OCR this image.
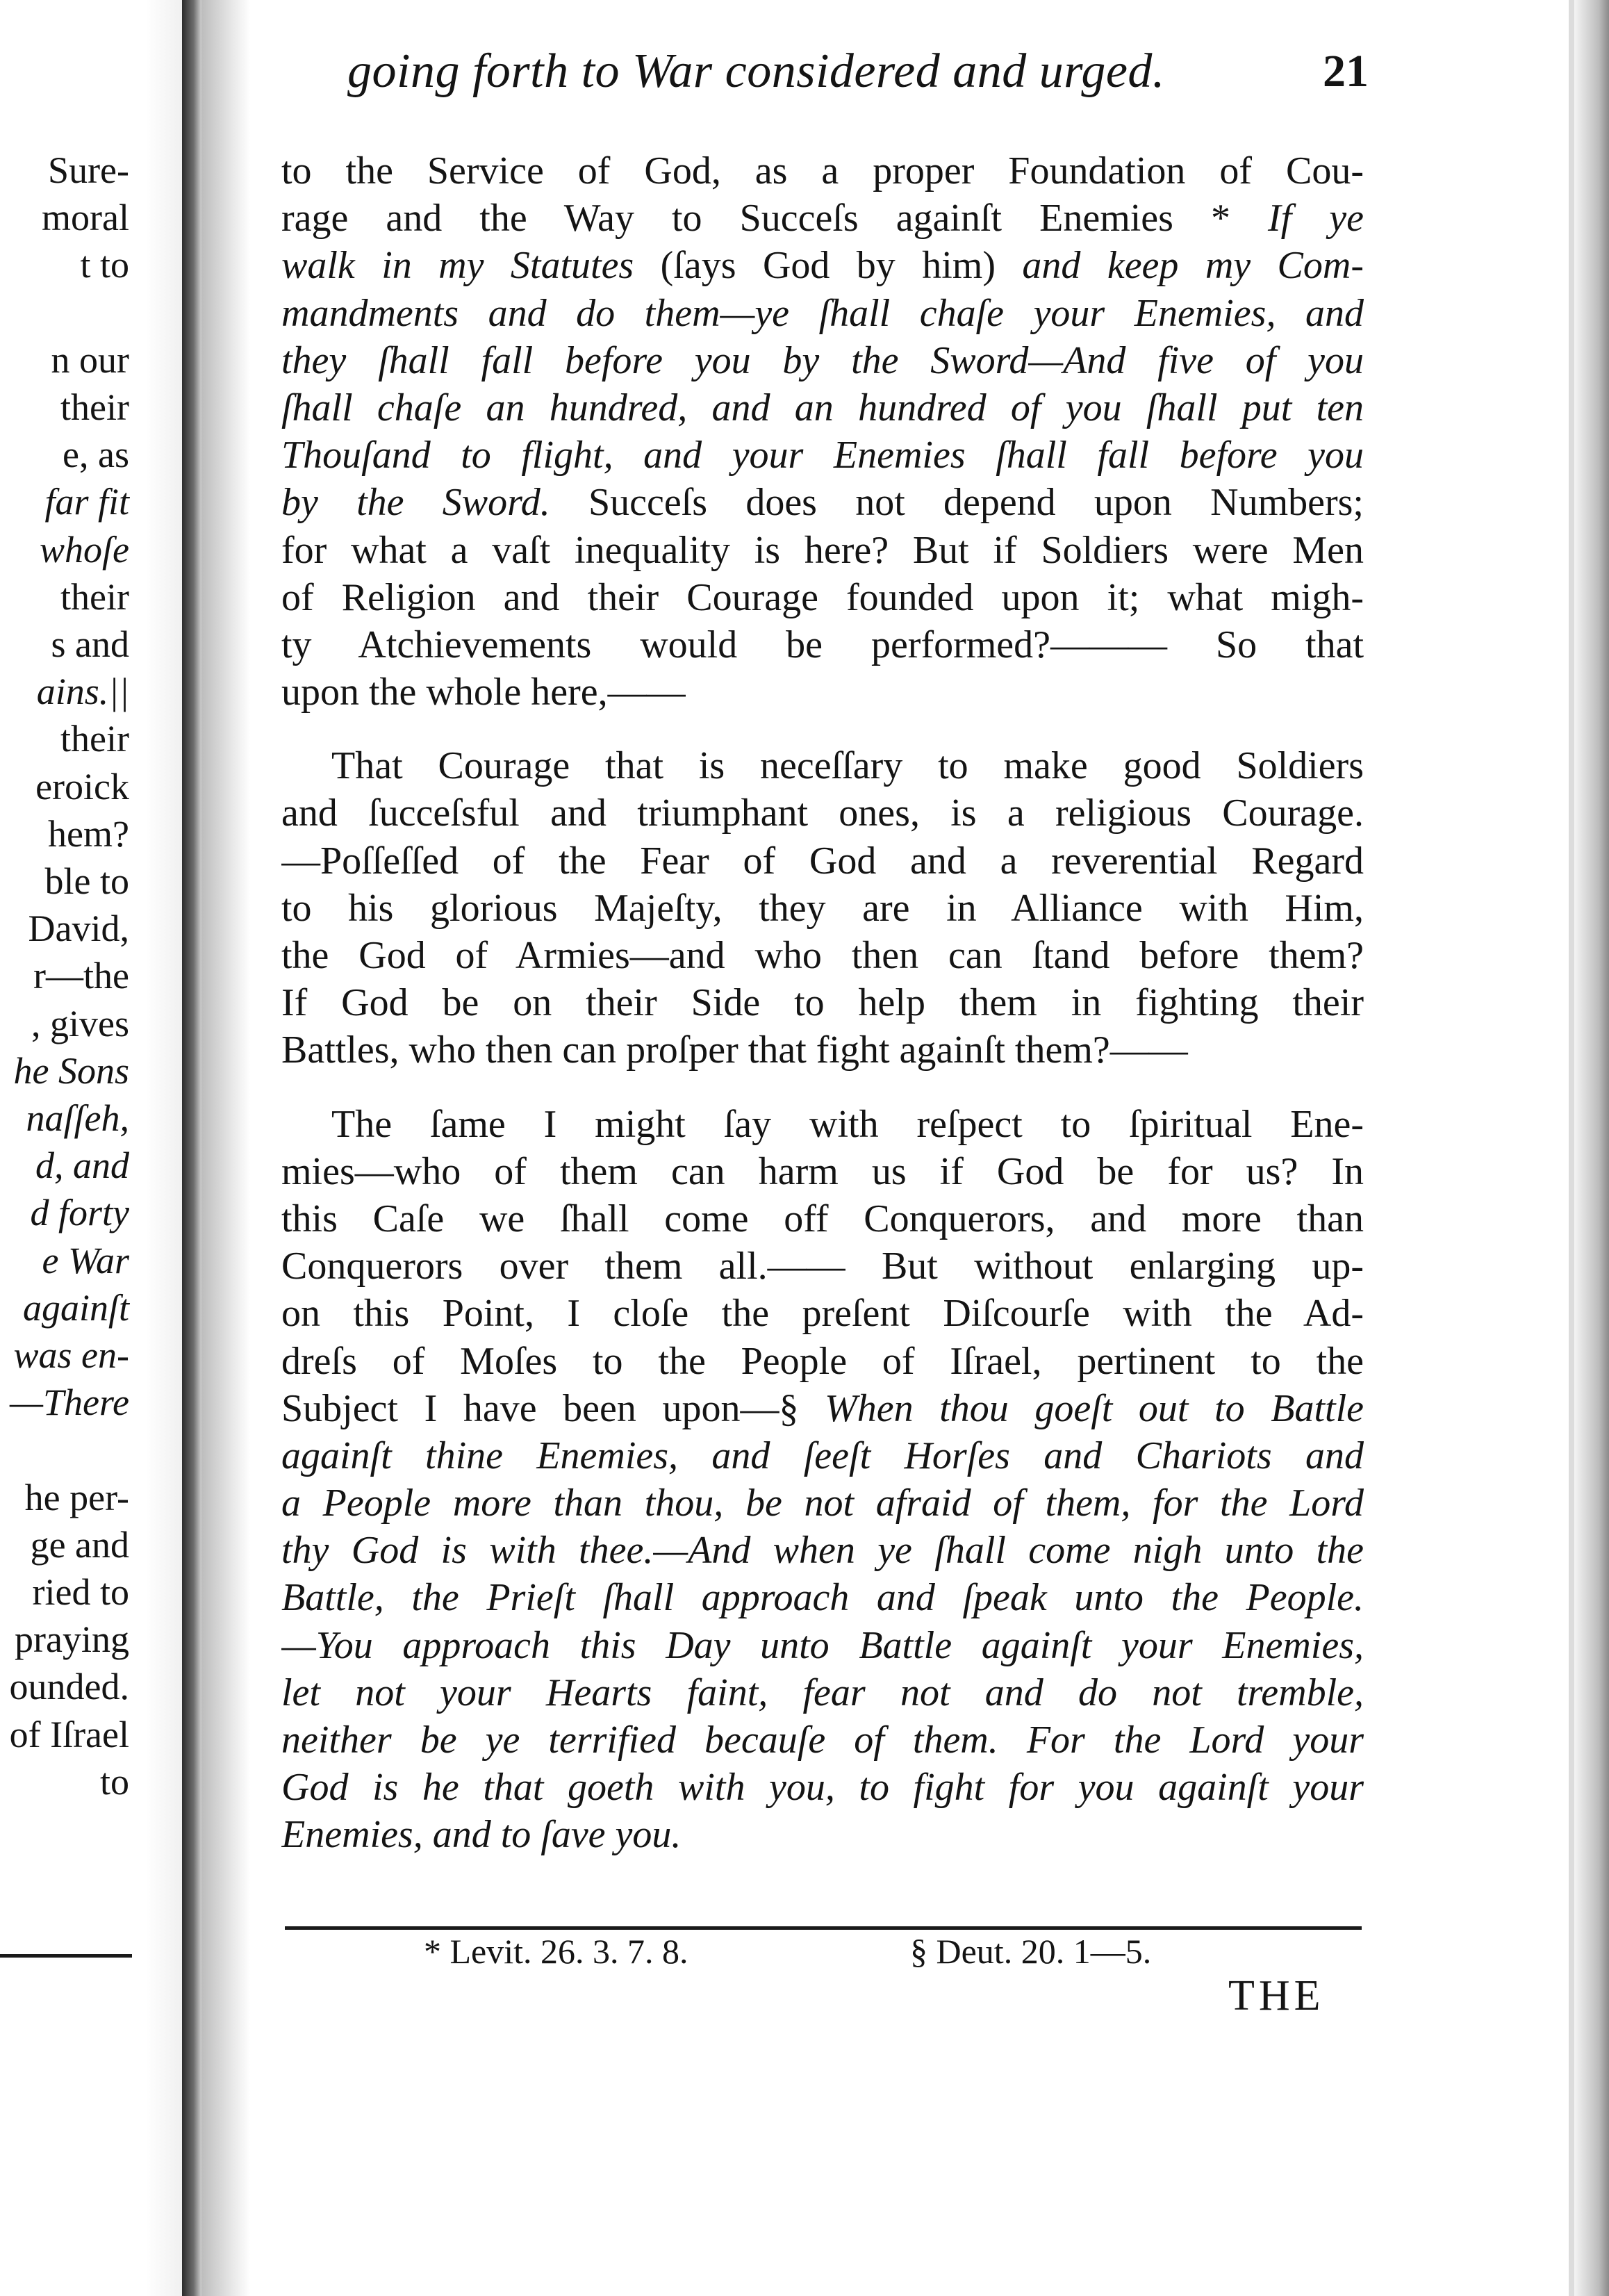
Sure-
moral
t to
n our
their
e, as
far fit
whoſe
their
s and
ains.||
their
eroick
hem?
ble to
David,
r—the
, gives
he Sons
naſſeh,
d, and
d forty
e War
againſt
was en-
—There
he per-
ge and
ried to
praying
ounded.
of Iſrael
to
going forth to War considered and urged.	21
to the Service of God, as a proper Foundation of Cou-
rage and the Way to Succeſs againſt Enemies * If ye
walk in my Statutes (ſays God by him) and keep my Com-
mandments and do them—ye ſhall chaſe your Enemies, and
they ſhall fall before you by the Sword—And five of you
ſhall chaſe an hundred, and an hundred of you ſhall put ten
Thouſand to flight, and your Enemies ſhall fall before you
by the Sword. Succeſs does not depend upon Numbers;
for what a vaſt inequality is here? But if Soldiers were Men
of Religion and their Courage founded upon it; what migh-
ty Atchievements would be performed?——— So that
upon the whole here,——
That Courage that is neceſſary to make good Soldiers
and ſucceſsful and triumphant ones, is a religious Courage.
—Poſſeſſed of the Fear of God and a reverential Regard
to his glorious Majeſty, they are in Alliance with Him,
the God of Armies—and who then can ſtand before them?
If God be on their Side to help them in fighting their
Battles, who then can proſper that fight againſt them?——
The ſame I might ſay with reſpect to ſpiritual Ene-
mies—who of them can harm us if God be for us? In
this Caſe we ſhall come off Conquerors, and more than
Conquerors over them all.—— But without enlarging up-
on this Point, I cloſe the preſent Diſcourſe with the Ad-
dreſs of Moſes to the People of Iſrael, pertinent to the
Subject I have been upon—§ When thou goeſt out to Battle
againſt thine Enemies, and ſeeſt Horſes and Chariots and
a People more than thou, be not afraid of them, for the Lord
thy God is with thee.—And when ye ſhall come nigh unto the
Battle, the Prieſt ſhall approach and ſpeak unto the People.
—You approach this Day unto Battle againſt your Enemies,
let not your Hearts faint, fear not and do not tremble,
neither be ye terrified becauſe of them. For the Lord your
God is he that goeth with you, to fight for you againſt your
Enemies, and to ſave you.
* Levit. 26. 3. 7. 8.	§ Deut. 20. 1—5.
THE
